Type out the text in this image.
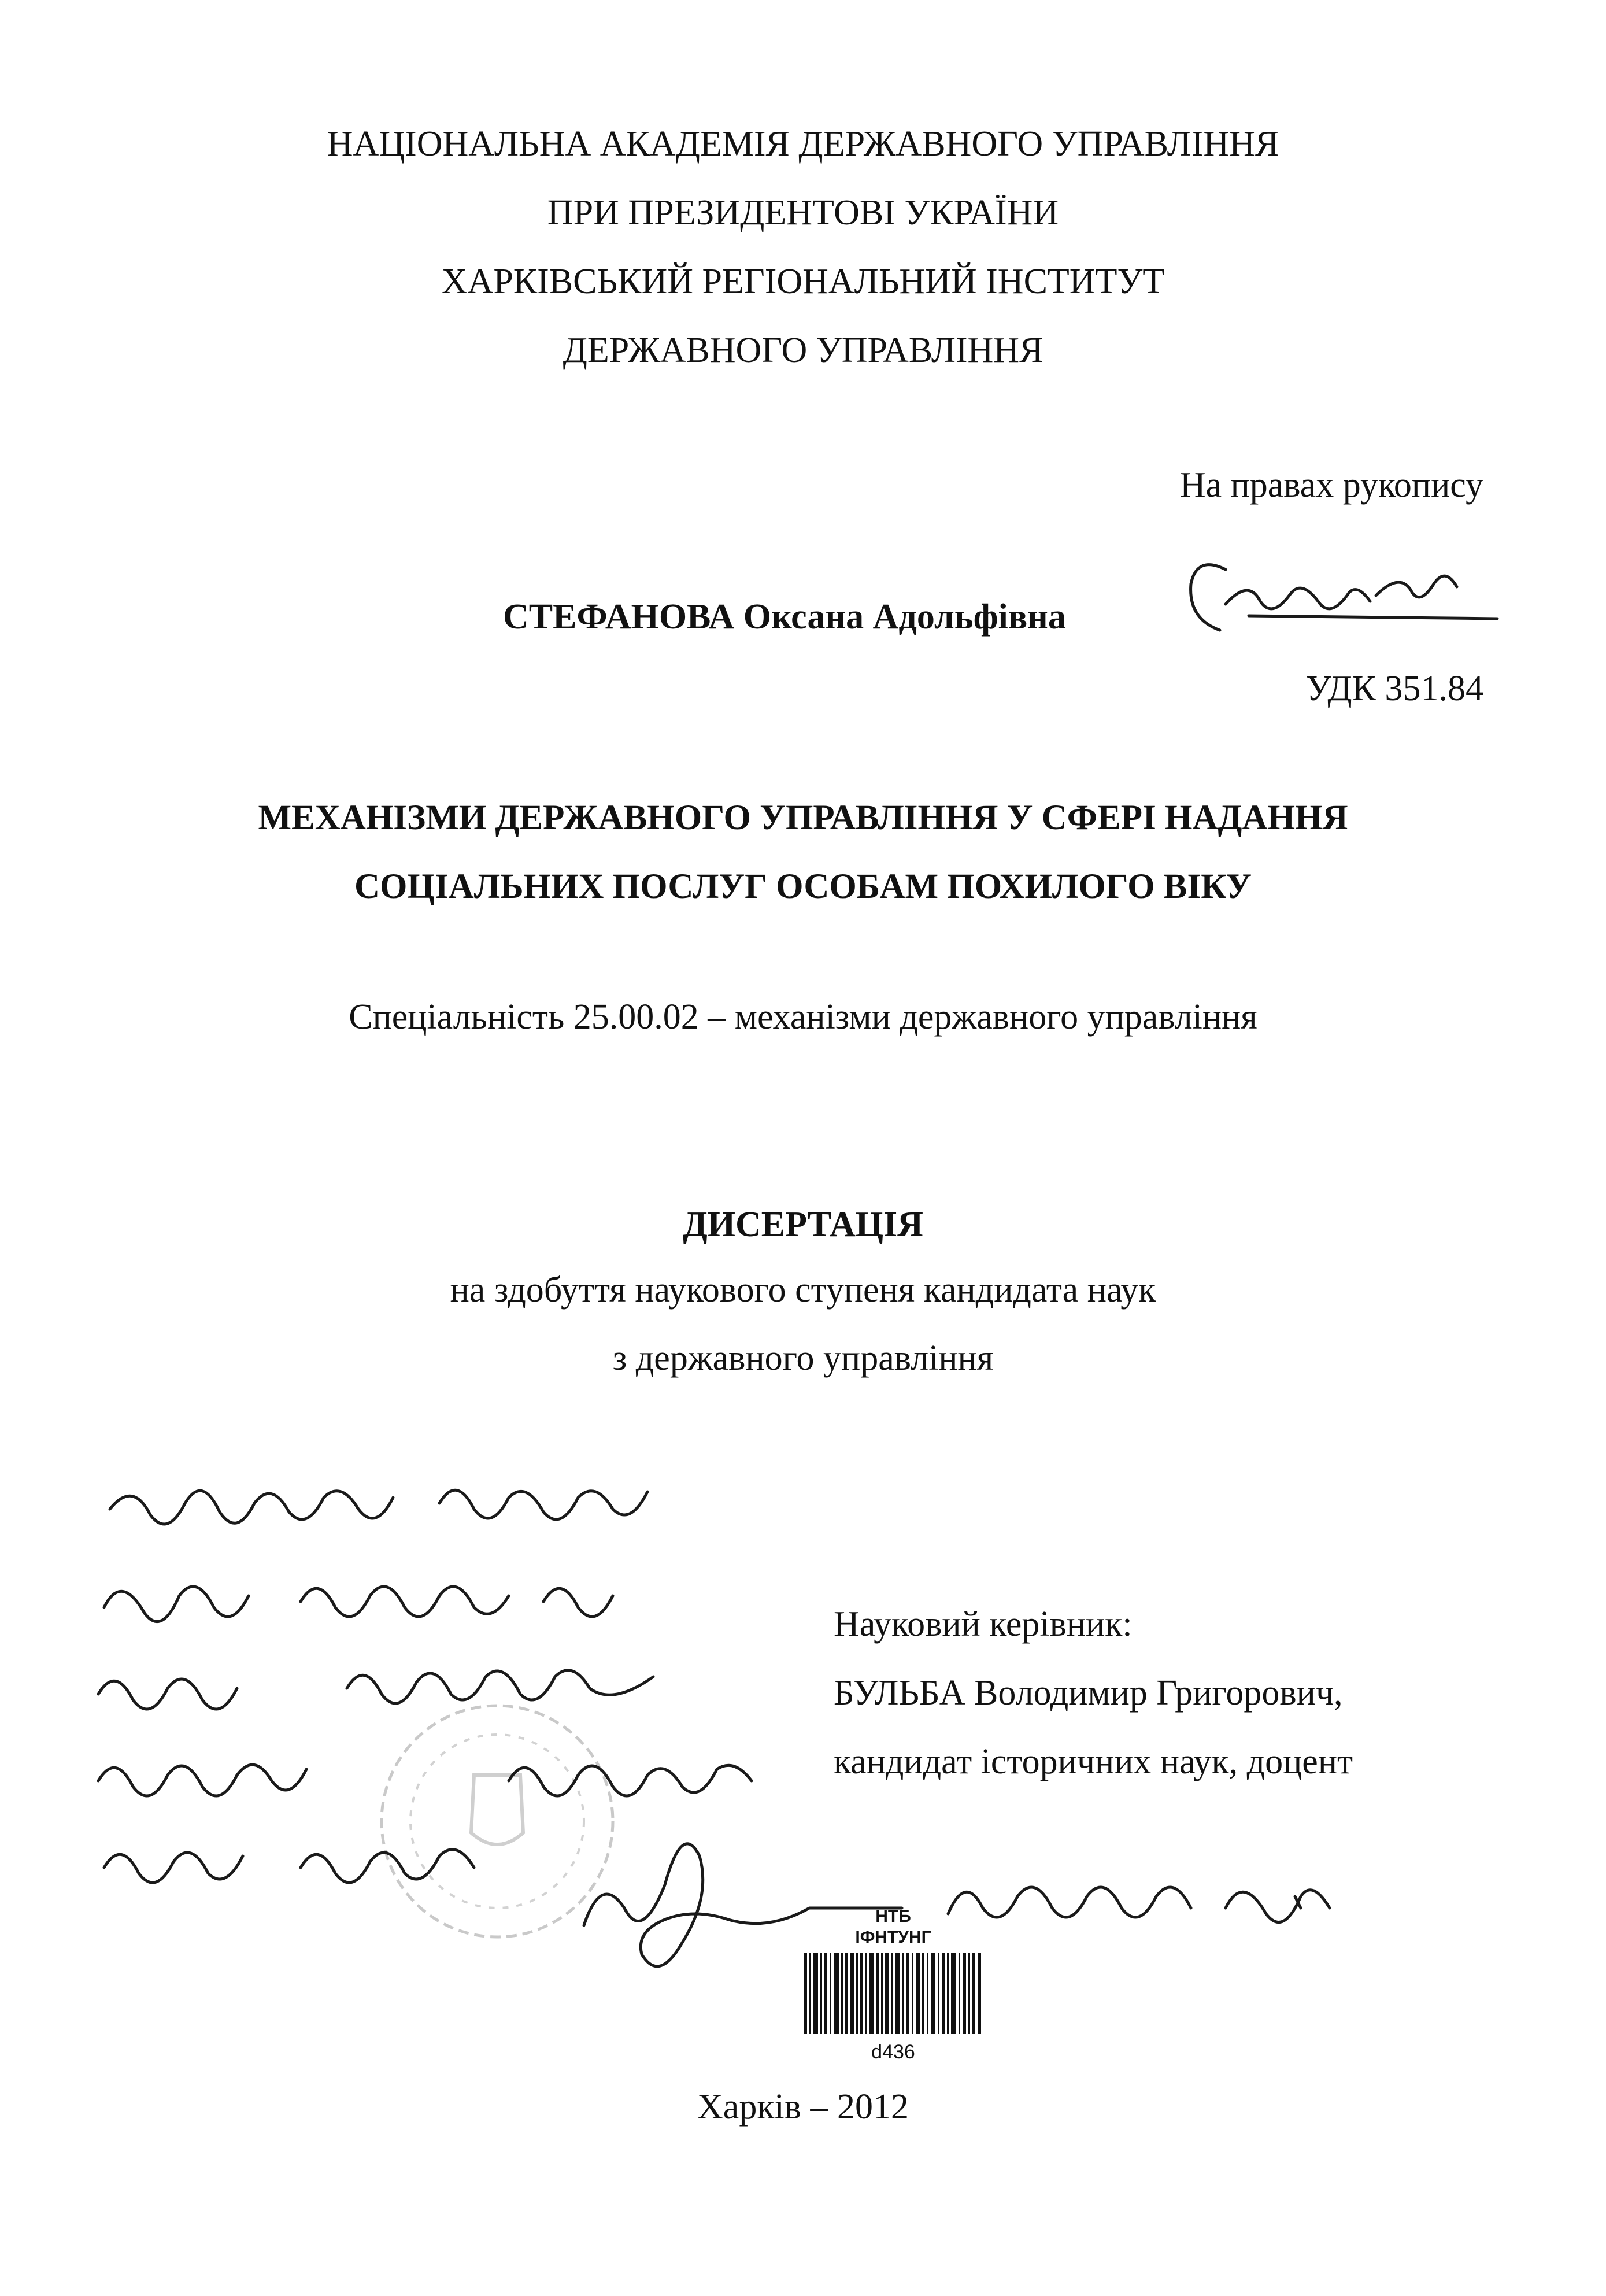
НАЦІОНАЛЬНА АКАДЕМІЯ ДЕРЖАВНОГО УПРАВЛІННЯ
ПРИ ПРЕЗИДЕНТОВІ УКРАЇНИ
ХАРКІВСЬКИЙ РЕГІОНАЛЬНИЙ ІНСТИТУТ
ДЕРЖАВНОГО УПРАВЛІННЯ
На правах рукопису
СТЕФАНОВА Оксана Адольфівна
УДК 351.84
МЕХАНІЗМИ ДЕРЖАВНОГО УПРАВЛІННЯ У СФЕРІ НАДАННЯ
СОЦІАЛЬНИХ ПОСЛУГ ОСОБАМ ПОХИЛОГО ВІКУ
Спеціальність 25.00.02 – механізми державного управління
ДИСЕРТАЦІЯ
на здобуття наукового ступеня кандидата наук
з державного управління
Науковий керівник:
БУЛЬБА Володимир Григорович,
кандидат історичних наук, доцент
НТБ
ІФНТУНГ
d436
Харків – 2012
